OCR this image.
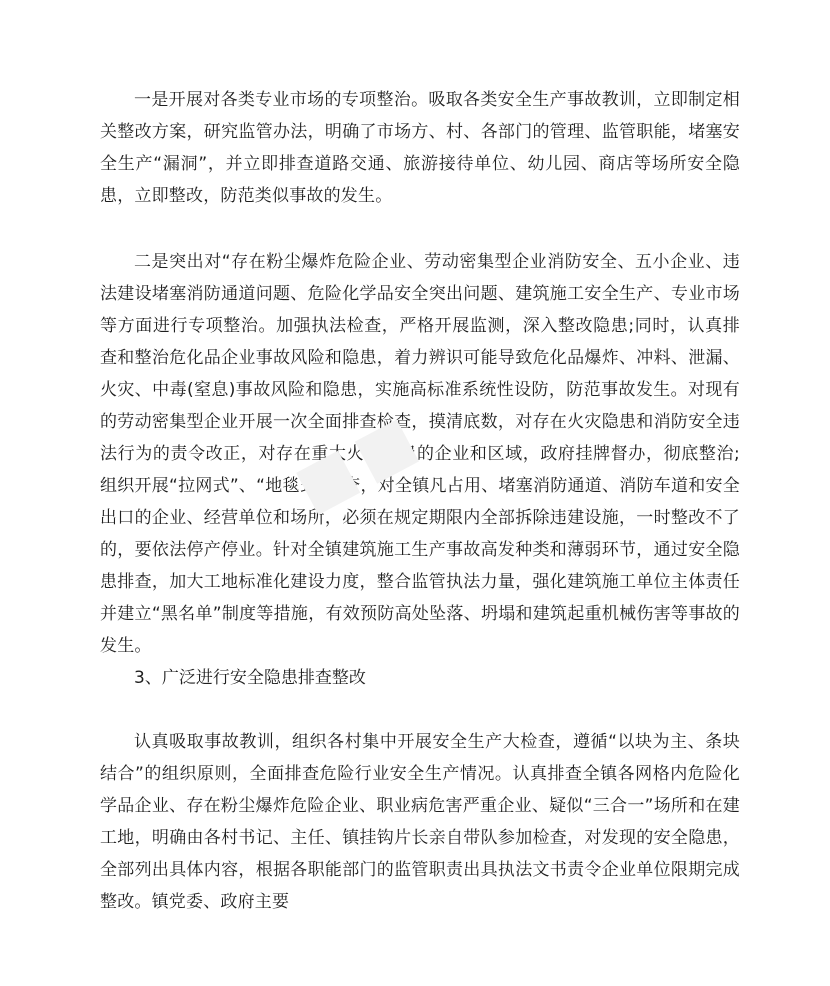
一是开展对各类专业市场的专项整治。吸取各类安全生产事故教训，立即制定相关整改方案，研究监管办法，明确了市场方、村、各部门的管理、监管职能，堵塞安全生产“漏洞”，并立即排查道路交通、旅游接待单位、幼儿园、商店等场所安全隐患，立即整改，防范类似事故的发生。

二是突出对“存在粉尘爆炸危险企业、劳动密集型企业消防安全、五小企业、违法建设堵塞消防通道问题、危险化学品安全突出问题、建筑施工安全生产、专业市场等方面进行专项整治。加强执法检查，严格开展监测，深入整改隐患;同时，认真排查和整治危化品企业事故风险和隐患，着力辨识可能导致危化品爆炸、冲料、泄漏、火灾、中毒(窒息)事故风险和隐患，实施高标准系统性设防，防范事故发生。对现有的劳动密集型企业开展一次全面排查检查，摸清底数，对存在火灾隐患和消防安全违法行为的责令改正，对存在重大火灾隐患的企业和区域，政府挂牌督办，彻底整治;组织开展“拉网式”、“地毯式”排查，对全镇凡占用、堵塞消防通道、消防车道和安全出口的企业、经营单位和场所，必须在规定期限内全部拆除违建设施，一时整改不了的，要依法停产停业。针对全镇建筑施工生产事故高发种类和薄弱环节，通过安全隐患排查，加大工地标准化建设力度，整合监管执法力量，强化建筑施工单位主体责任并建立“黑名单”制度等措施，有效预防高处坠落、坍塌和建筑起重机械伤害等事故的发生。

3、广泛进行安全隐患排查整改

认真吸取事故教训，组织各村集中开展安全生产大检查，遵循“以块为主、条块结合”的组织原则，全面排查危险行业安全生产情况。认真排查全镇各网格内危险化学品企业、存在粉尘爆炸危险企业、职业病危害严重企业、疑似“三合一”场所和在建工地，明确由各村书记、主任、镇挂钩片长亲自带队参加检查，对发现的安全隐患，全部列出具体内容，根据各职能部门的监管职责出具执法文书责令企业单位限期完成整改。镇党委、政府主要

■■
